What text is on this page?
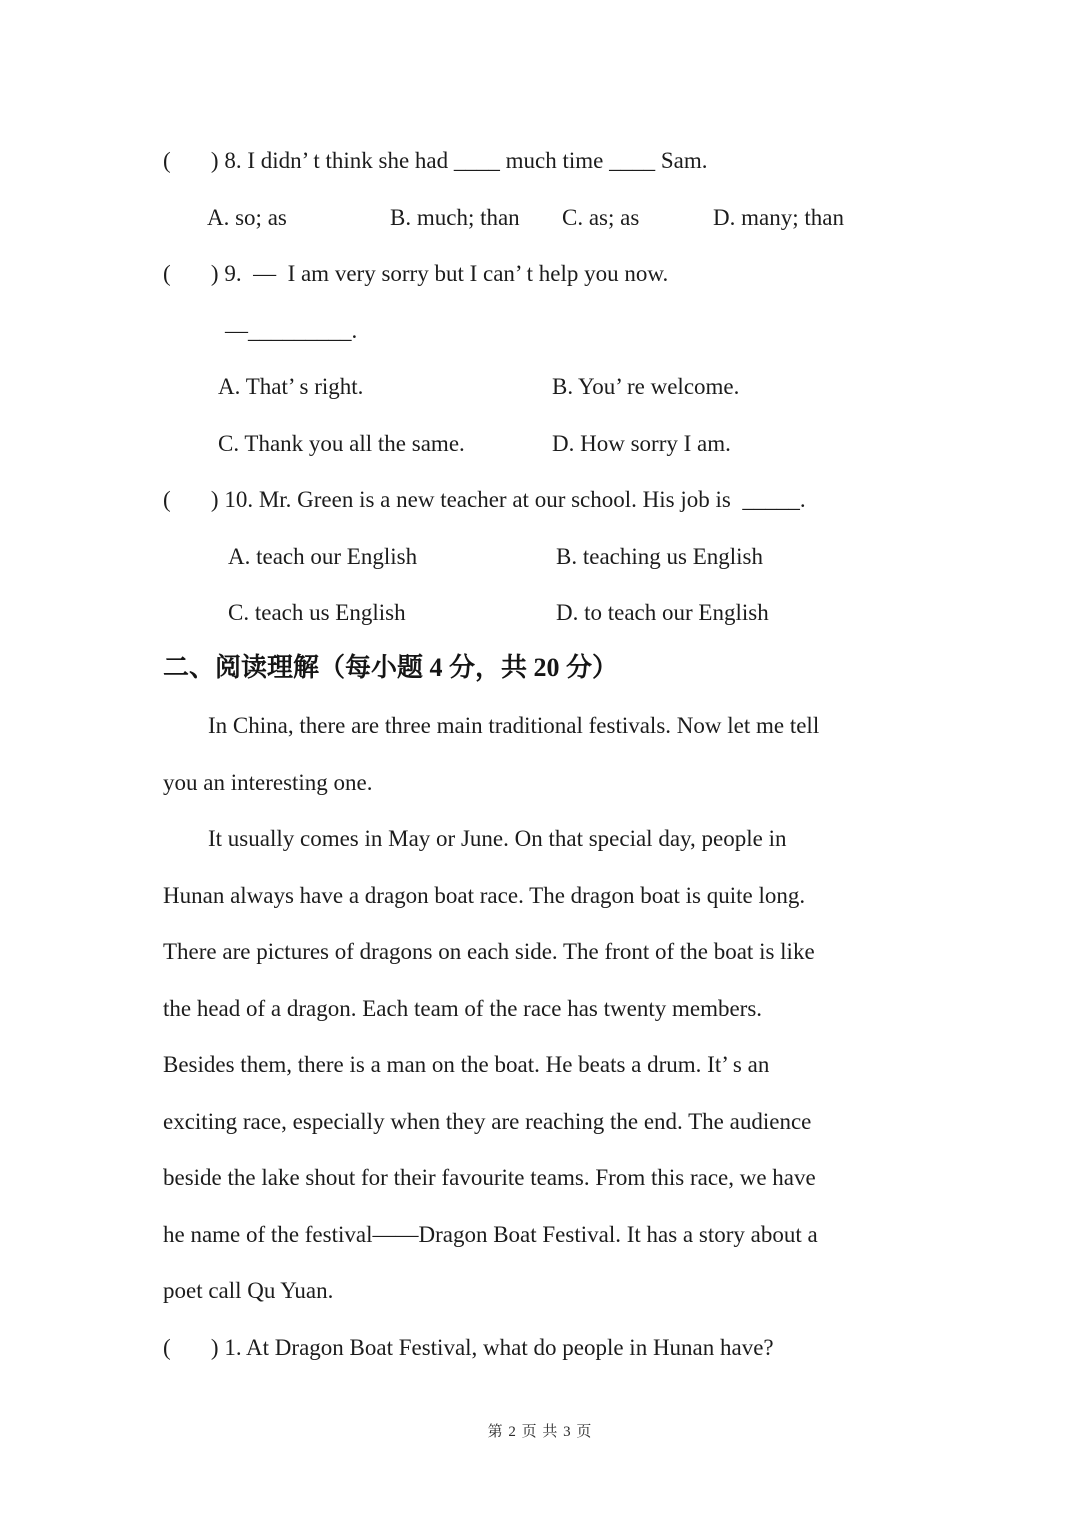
(       ) 8. I didn’ t think she had ____ much time ____ Sam.
A. so; as	B. much; than C. as; as	D. many; than
(       ) 9.  —  I am very sorry but I can’ t help you now.
—_________.
A. That’ s right.	B. You’ re welcome.
C. Thank you all the same.	D. How sorry I am.
(       ) 10. Mr. Green is a new teacher at our school. His job is  _____.
A. teach our English	B. teaching us English
C. teach us English	D. to teach our English
二、阅读理解（每小题 4 分，共 20 分）
In China, there are three main traditional festivals. Now let me tell
you an interesting one.
It usually comes in May or June. On that special day, people in
Hunan always have a dragon boat race. The dragon boat is quite long.
There are pictures of dragons on each side. The front of the boat is like
the head of a dragon. Each team of the race has twenty members.
Besides them, there is a man on the boat. He beats a drum. It’ s an
exciting race, especially when they are reaching the end. The audience
beside the lake shout for their favourite teams. From this race, we have
he name of the festival——Dragon Boat Festival. It has a story about a
poet call Qu Yuan.
(       ) 1. At Dragon Boat Festival, what do people in Hunan have?
第 2 页 共 3 页
